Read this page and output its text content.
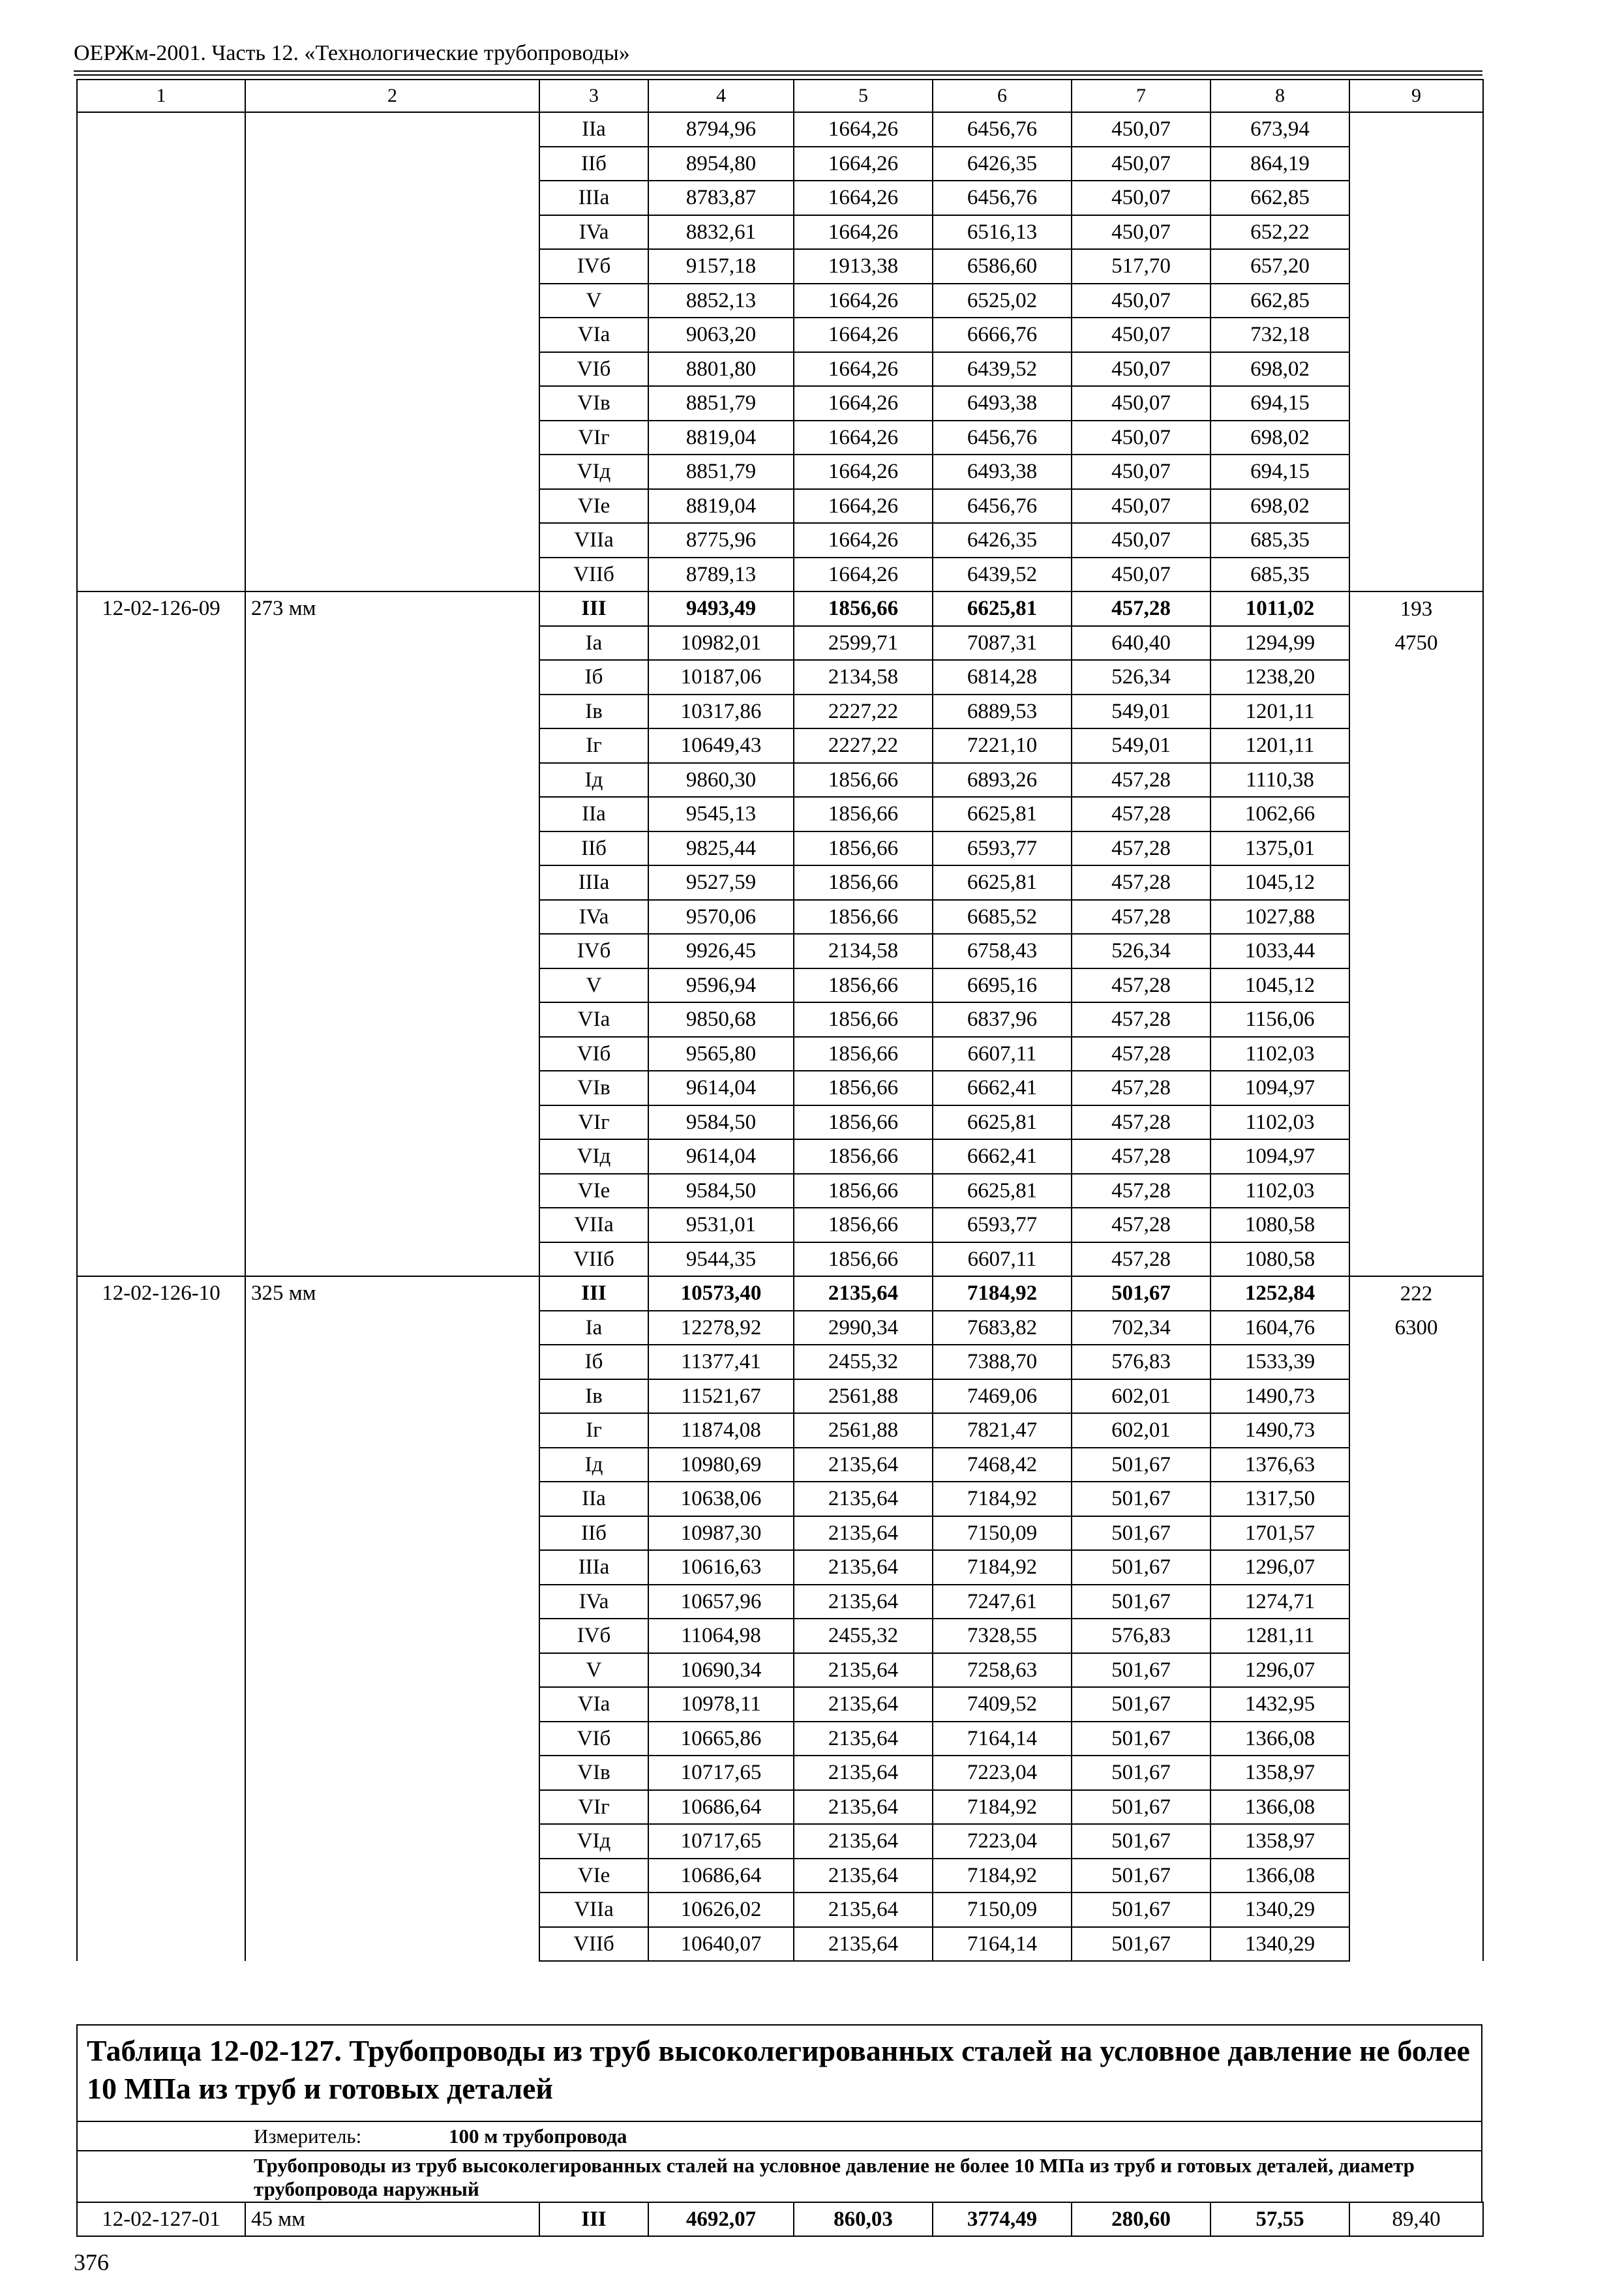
ОЕРЖм-2001. Часть 12. «Технологические трубопроводы»
1	2	3	4	5	6	7	8	9
		IIa	8794,96	1664,26	6456,76	450,07	673,94	
		IIб	8954,80	1664,26	6426,35	450,07	864,19	
		IIIa	8783,87	1664,26	6456,76	450,07	662,85	
		IVa	8832,61	1664,26	6516,13	450,07	652,22	
		IVб	9157,18	1913,38	6586,60	517,70	657,20	
		V	8852,13	1664,26	6525,02	450,07	662,85	
		VIa	9063,20	1664,26	6666,76	450,07	732,18	
		VIб	8801,80	1664,26	6439,52	450,07	698,02	
		VIв	8851,79	1664,26	6493,38	450,07	694,15	
		VIг	8819,04	1664,26	6456,76	450,07	698,02	
		VIд	8851,79	1664,26	6493,38	450,07	694,15	
		VIe	8819,04	1664,26	6456,76	450,07	698,02	
		VIIa	8775,96	1664,26	6426,35	450,07	685,35	
		VIIб	8789,13	1664,26	6439,52	450,07	685,35	
12-02-126-09	273 мм	III	9493,49	1856,66	6625,81	457,28	1011,02	193
		Ia	10982,01	2599,71	7087,31	640,40	1294,99	4750
		Iб	10187,06	2134,58	6814,28	526,34	1238,20	
		Iв	10317,86	2227,22	6889,53	549,01	1201,11	
		Iг	10649,43	2227,22	7221,10	549,01	1201,11	
		Iд	9860,30	1856,66	6893,26	457,28	1110,38	
		IIa	9545,13	1856,66	6625,81	457,28	1062,66	
		IIб	9825,44	1856,66	6593,77	457,28	1375,01	
		IIIa	9527,59	1856,66	6625,81	457,28	1045,12	
		IVa	9570,06	1856,66	6685,52	457,28	1027,88	
		IVб	9926,45	2134,58	6758,43	526,34	1033,44	
		V	9596,94	1856,66	6695,16	457,28	1045,12	
		VIa	9850,68	1856,66	6837,96	457,28	1156,06	
		VIб	9565,80	1856,66	6607,11	457,28	1102,03	
		VIв	9614,04	1856,66	6662,41	457,28	1094,97	
		VIг	9584,50	1856,66	6625,81	457,28	1102,03	
		VIд	9614,04	1856,66	6662,41	457,28	1094,97	
		VIe	9584,50	1856,66	6625,81	457,28	1102,03	
		VIIa	9531,01	1856,66	6593,77	457,28	1080,58	
		VIIб	9544,35	1856,66	6607,11	457,28	1080,58	
12-02-126-10	325 мм	III	10573,40	2135,64	7184,92	501,67	1252,84	222
		Ia	12278,92	2990,34	7683,82	702,34	1604,76	6300
		Iб	11377,41	2455,32	7388,70	576,83	1533,39	
		Iв	11521,67	2561,88	7469,06	602,01	1490,73	
		Iг	11874,08	2561,88	7821,47	602,01	1490,73	
		Iд	10980,69	2135,64	7468,42	501,67	1376,63	
		IIa	10638,06	2135,64	7184,92	501,67	1317,50	
		IIб	10987,30	2135,64	7150,09	501,67	1701,57	
		IIIa	10616,63	2135,64	7184,92	501,67	1296,07	
		IVa	10657,96	2135,64	7247,61	501,67	1274,71	
		IVб	11064,98	2455,32	7328,55	576,83	1281,11	
		V	10690,34	2135,64	7258,63	501,67	1296,07	
		VIa	10978,11	2135,64	7409,52	501,67	1432,95	
		VIб	10665,86	2135,64	7164,14	501,67	1366,08	
		VIв	10717,65	2135,64	7223,04	501,67	1358,97	
		VIг	10686,64	2135,64	7184,92	501,67	1366,08	
		VIд	10717,65	2135,64	7223,04	501,67	1358,97	
		VIe	10686,64	2135,64	7184,92	501,67	1366,08	
		VIIa	10626,02	2135,64	7150,09	501,67	1340,29	
		VIIб	10640,07	2135,64	7164,14	501,67	1340,29	
Таблица 12-02-127. Трубопроводы из труб высоколегированных сталей на условное давление не более 10 МПа из труб и готовых деталей
Измеритель:	100 м трубопровода
Трубопроводы из труб высоколегированных сталей на условное давление не более 10 МПа из труб и готовых деталей, диаметр трубопровода наружный
12-02-127-01	45 мм	III	4692,07	860,03	3774,49	280,60	57,55	89,40
376
